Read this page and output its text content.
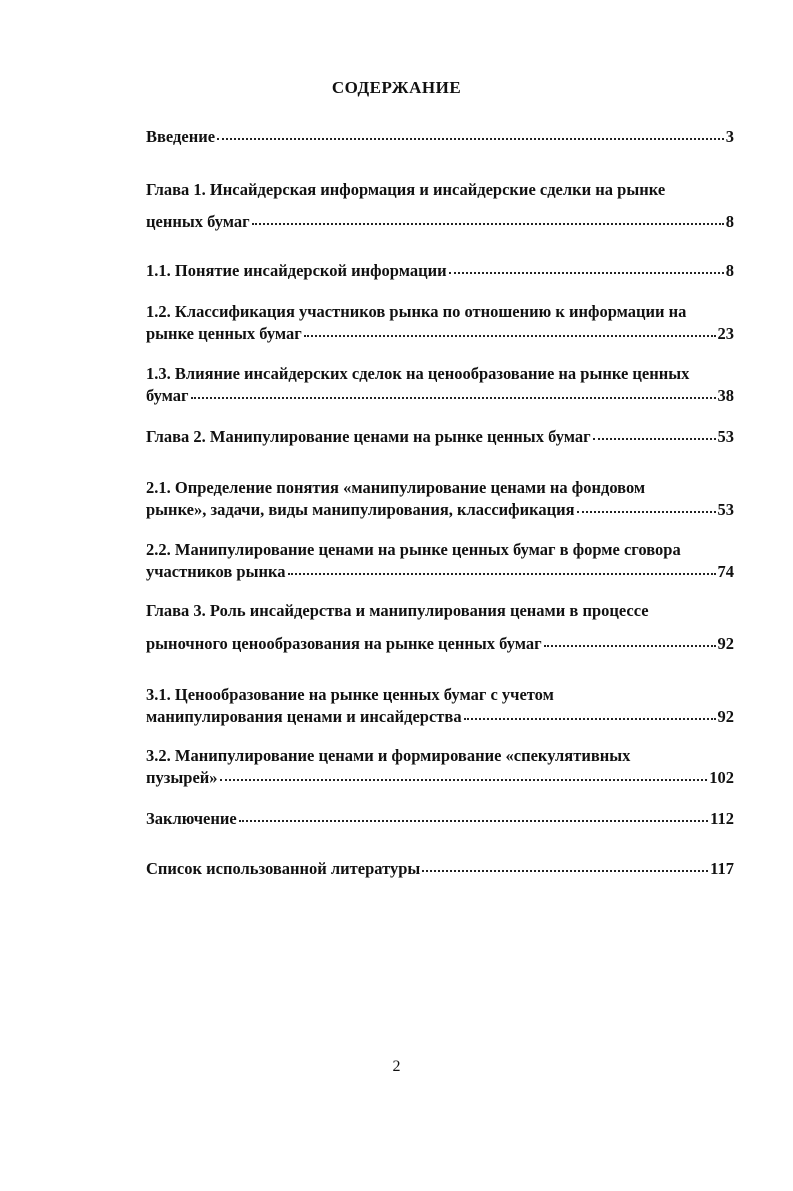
СОДЕРЖАНИЕ
Введение	3
Глава 1. Инсайдерская информация и инсайдерские сделки на рынке
ценных бумаг	8
1.1. Понятие инсайдерской информации	8
1.2. Классификация участников рынка по отношению к информации на
рынке ценных бумаг	23
1.3. Влияние инсайдерских сделок на ценообразование на рынке ценных
бумаг	38
Глава 2. Манипулирование ценами на рынке ценных бумаг	53
2.1. Определение понятия «манипулирование ценами на фондовом
рынке», задачи, виды манипулирования, классификация	53
2.2. Манипулирование ценами на рынке ценных бумаг в форме сговора
участников рынка	74
Глава 3. Роль инсайдерства и манипулирования ценами в процессе
рыночного ценообразования на рынке ценных бумаг	92
3.1. Ценообразование на рынке ценных бумаг с учетом
манипулирования ценами и инсайдерства	92
3.2. Манипулирование ценами и формирование «спекулятивных
пузырей»	102
Заключение	112
Список использованной литературы	117
2
